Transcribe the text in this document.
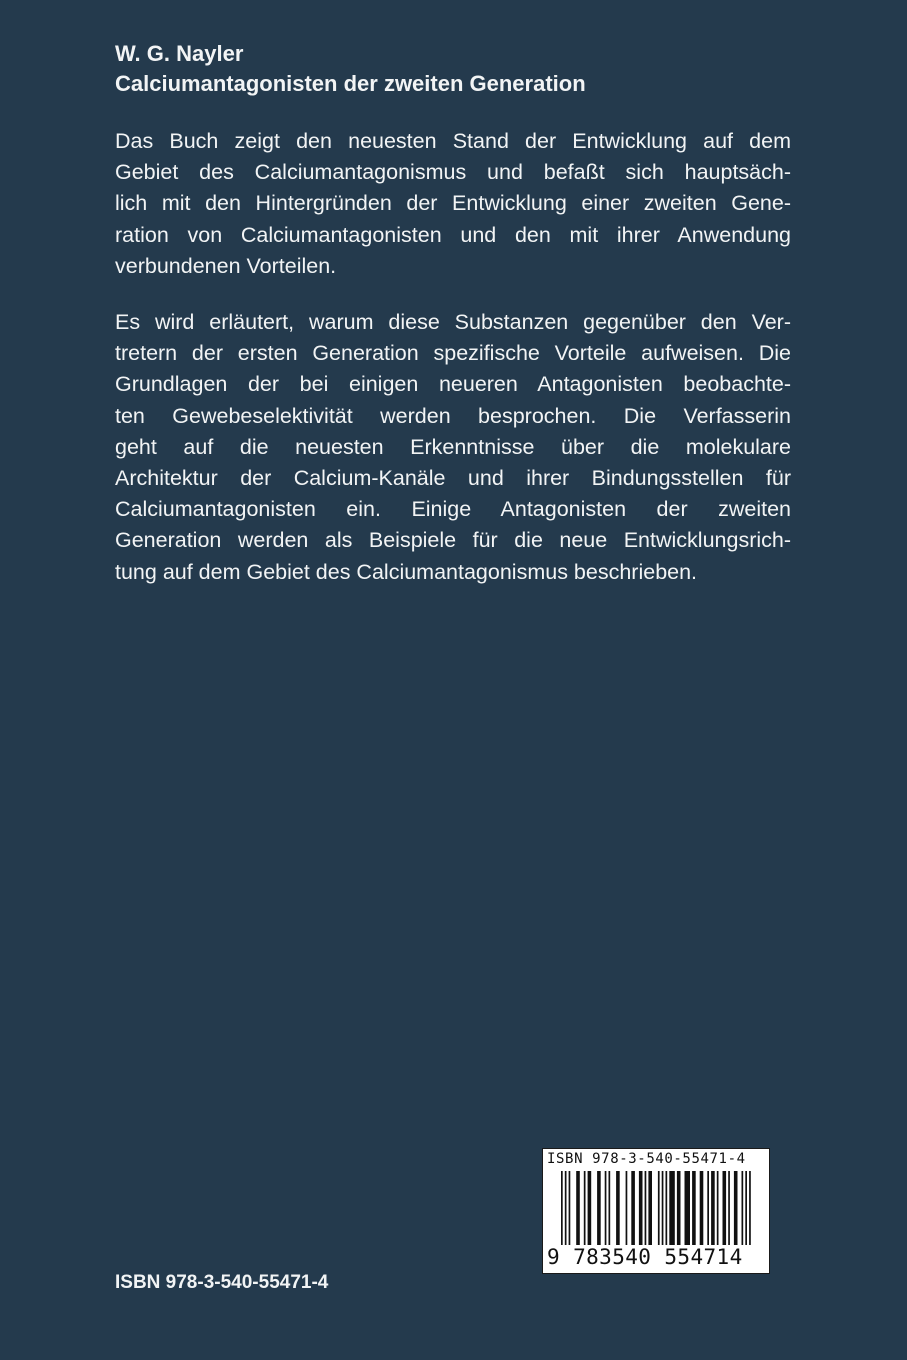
W. G. Nayler
Calciumantagonisten der zweiten Generation
Das Buch zeigt den neuesten Stand der Entwicklung auf dem
Gebiet des Calciumantagonismus und befaßt sich hauptsäch-
lich mit den Hintergründen der Entwicklung einer zweiten Gene-
ration von Calciumantagonisten und den mit ihrer Anwendung
verbundenen Vorteilen.
Es wird erläutert, warum diese Substanzen gegenüber den Ver-
tretern der ersten Generation spezifische Vorteile aufweisen. Die
Grundlagen der bei einigen neueren Antagonisten beobachte-
ten Gewebeselektivität werden besprochen. Die Verfasserin
geht auf die neuesten Erkenntnisse über die molekulare
Architektur der Calcium-Kanäle und ihrer Bindungsstellen für
Calciumantagonisten ein. Einige Antagonisten der zweiten
Generation werden als Beispiele für die neue Entwicklungsrich-
tung auf dem Gebiet des Calciumantagonismus beschrieben.
ISBN 978-3-540-55471-4
9 783540 554714
ISBN 978-3-540-55471-4
